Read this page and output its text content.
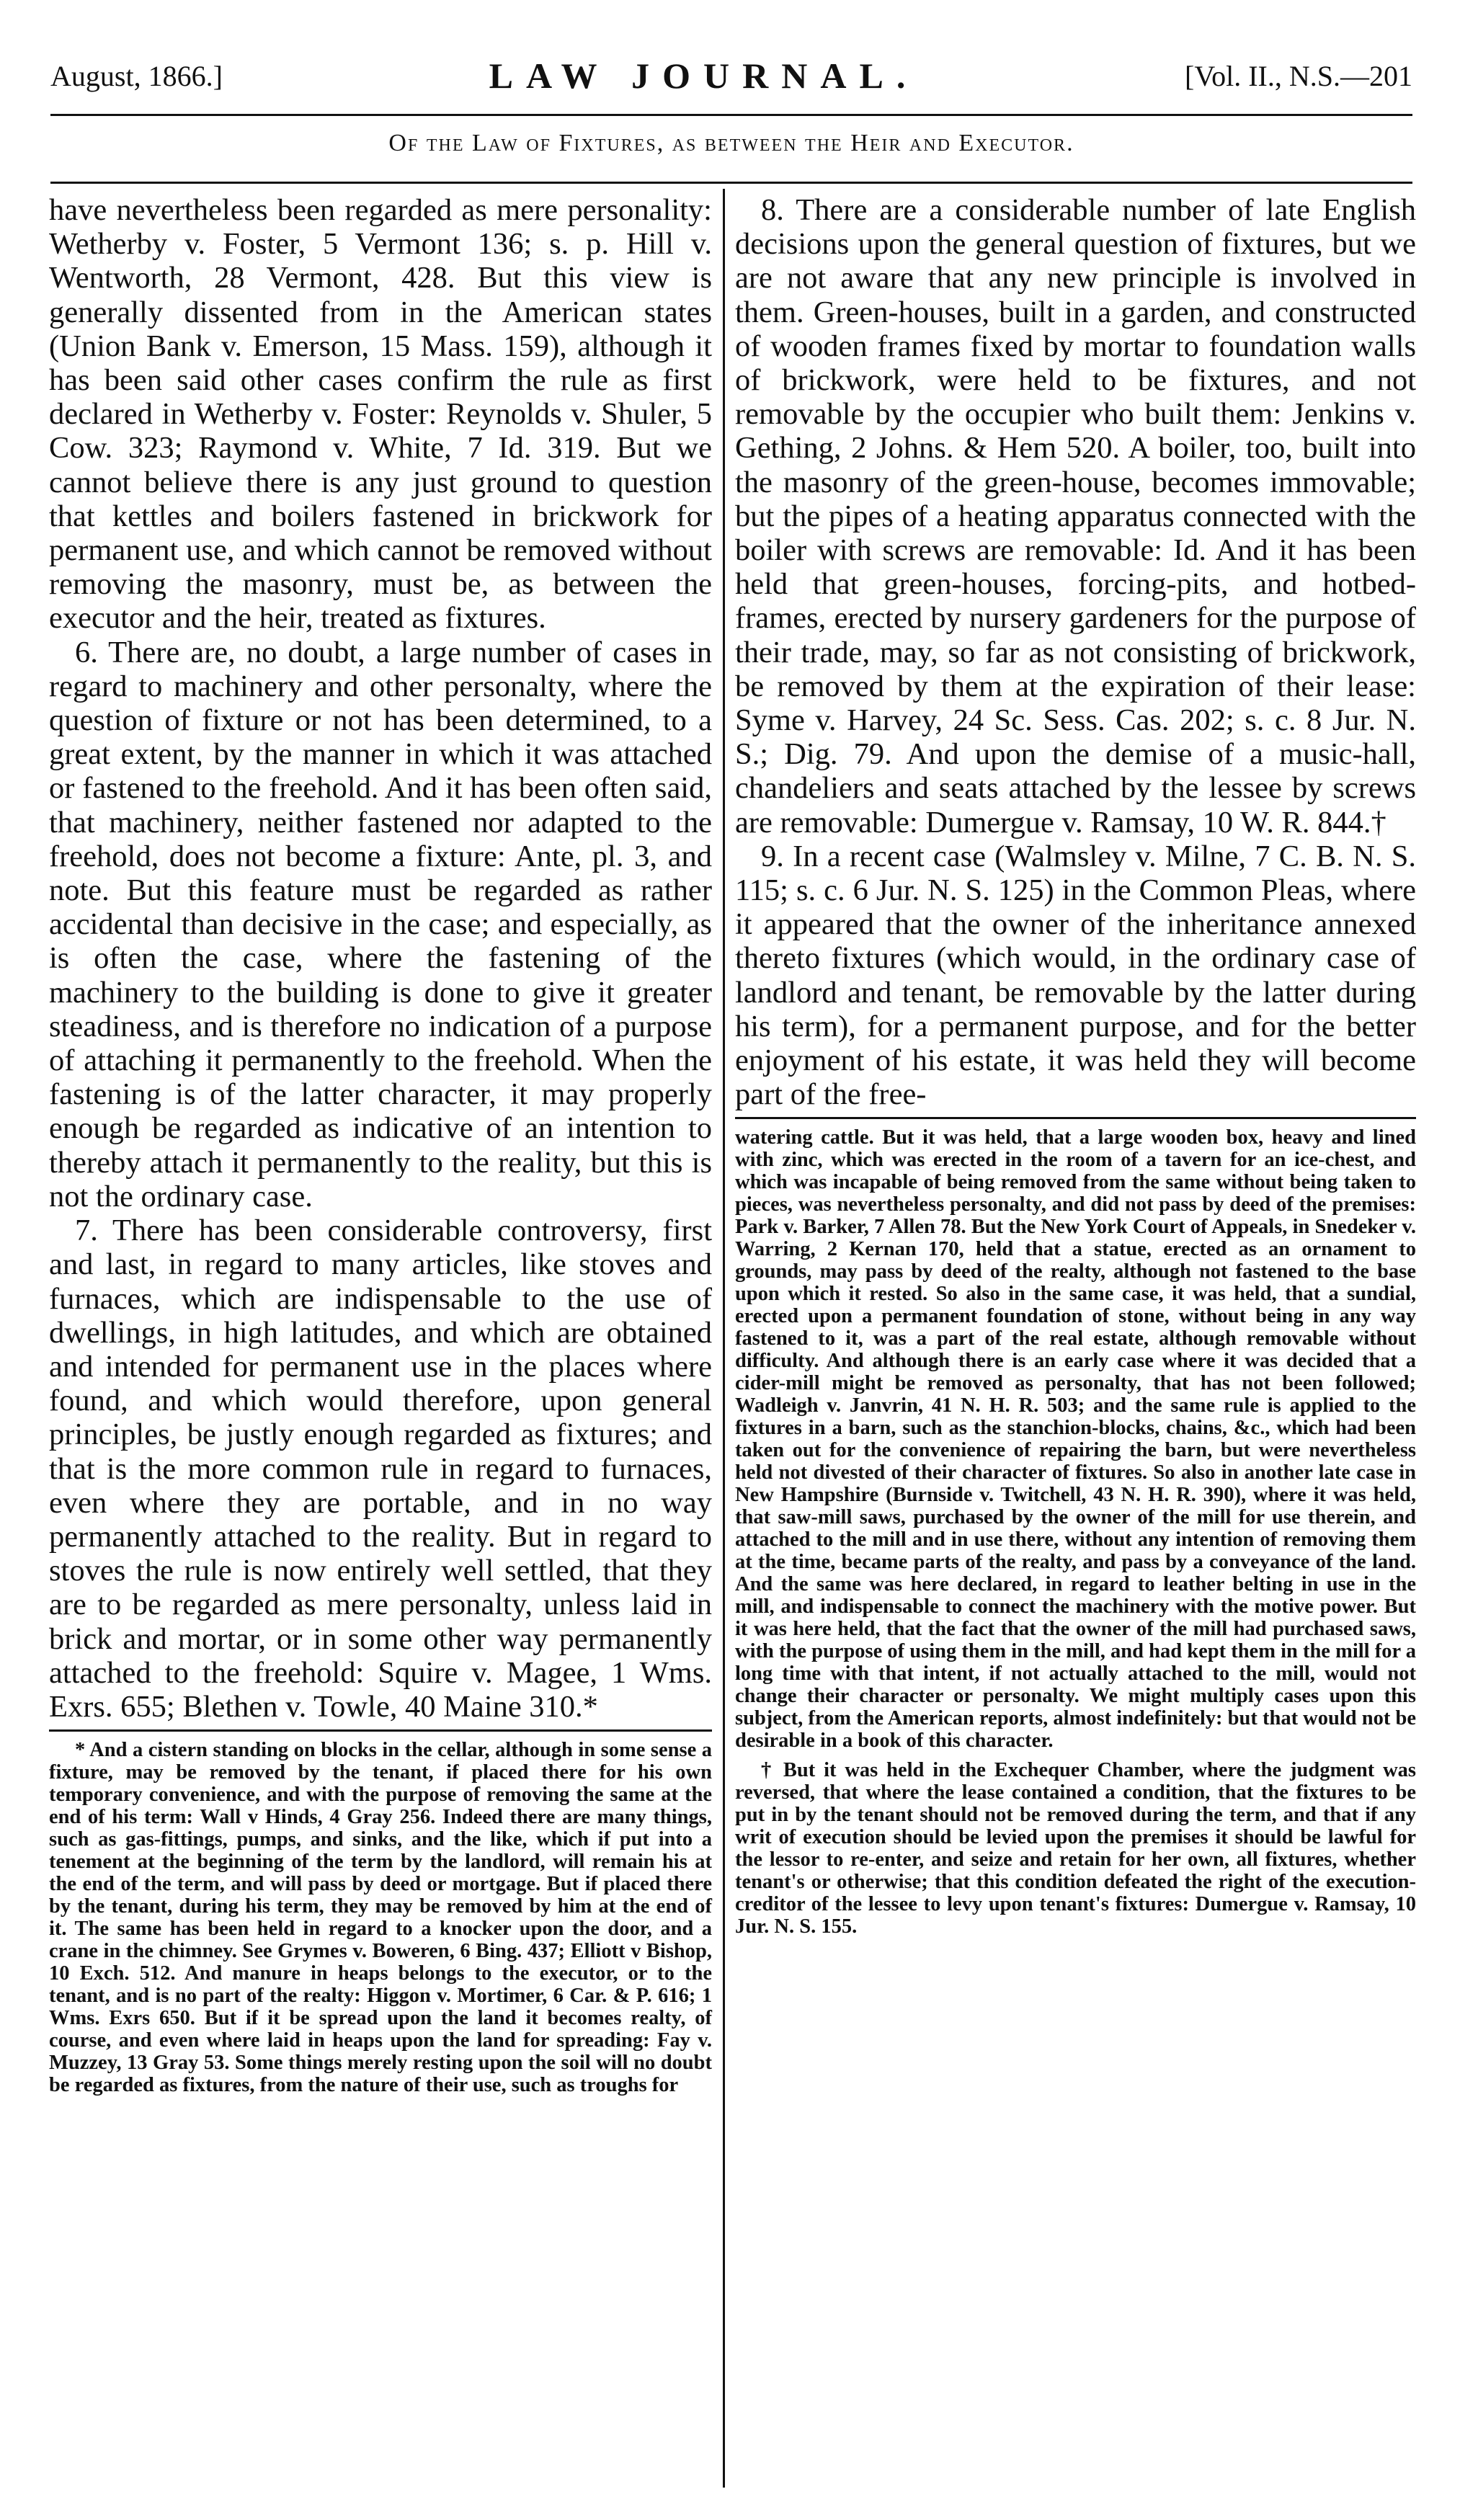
August, 1866.]	LAW JOURNAL.	[Vol. II., N.S.—201
Of the Law of Fixtures, as between the Heir and Executor.

have nevertheless been regarded as mere personality: Wetherby v. Foster, 5 Vermont 136; s. p. Hill v. Wentworth, 28 Vermont, 428. But this view is generally dissented from in the American states (Union Bank v. Emerson, 15 Mass. 159), although it has been said other cases confirm the rule as first declared in Wetherby v. Foster: Reynolds v. Shuler, 5 Cow. 323; Raymond v. White, 7 Id. 319. But we cannot believe there is any just ground to question that kettles and boilers fastened in brickwork for permanent use, and which cannot be removed without removing the masonry, must be, as between the executor and the heir, treated as fixtures.

6. There are, no doubt, a large number of cases in regard to machinery and other personalty, where the question of fixture or not has been determined, to a great extent, by the manner in which it was attached or fastened to the freehold. And it has been often said, that machinery, neither fastened nor adapted to the freehold, does not become a fixture: Ante, pl. 3, and note. But this feature must be regarded as rather accidental than decisive in the case; and especially, as is often the case, where the fastening of the machinery to the building is done to give it greater steadiness, and is therefore no indication of a purpose of attaching it permanently to the freehold. When the fastening is of the latter character, it may properly enough be regarded as indicative of an intention to thereby attach it permanently to the reality, but this is not the ordinary case.

7. There has been considerable controversy, first and last, in regard to many articles, like stoves and furnaces, which are indispensable to the use of dwellings, in high latitudes, and which are obtained and intended for permanent use in the places where found, and which would therefore, upon general principles, be justly enough regarded as fixtures; and that is the more common rule in regard to furnaces, even where they are portable, and in no way permanently attached to the reality. But in regard to stoves the rule is now entirely well settled, that they are to be regarded as mere personalty, unless laid in brick and mortar, or in some other way permanently attached to the freehold: Squire v. Magee, 1 Wms. Exrs. 655; Blethen v. Towle, 40 Maine 310.*

* And a cistern standing on blocks in the cellar, although in some sense a fixture, may be removed by the tenant, if placed there for his own temporary convenience, and with the purpose of removing the same at the end of his term: Wall v Hinds, 4 Gray 256. Indeed there are many things, such as gas-fittings, pumps, and sinks, and the like, which if put into a tenement at the beginning of the term by the landlord, will remain his at the end of the term, and will pass by deed or mortgage. But if placed there by the tenant, during his term, they may be removed by him at the end of it. The same has been held in regard to a knocker upon the door, and a crane in the chimney. See Grymes v. Boweren, 6 Bing. 437; Elliott v Bishop, 10 Exch. 512. And manure in heaps belongs to the executor, or to the tenant, and is no part of the realty: Higgon v. Mortimer, 6 Car. & P. 616; 1 Wms. Exrs 650. But if it be spread upon the land it becomes realty, of course, and even where laid in heaps upon the land for spreading: Fay v. Muzzey, 13 Gray 53. Some things merely resting upon the soil will no doubt be regarded as fixtures, from the nature of their use, such as troughs for

8. There are a considerable number of late English decisions upon the general question of fixtures, but we are not aware that any new principle is involved in them. Green-houses, built in a garden, and constructed of wooden frames fixed by mortar to foundation walls of brickwork, were held to be fixtures, and not removable by the occupier who built them: Jenkins v. Gething, 2 Johns. & Hem 520. A boiler, too, built into the masonry of the green-house, becomes immovable; but the pipes of a heating apparatus connected with the boiler with screws are removable: Id. And it has been held that green-houses, forcing-pits, and hotbed-frames, erected by nursery gardeners for the purpose of their trade, may, so far as not consisting of brickwork, be removed by them at the expiration of their lease: Syme v. Harvey, 24 Sc. Sess. Cas. 202; s. c. 8 Jur. N. S.; Dig. 79. And upon the demise of a music-hall, chandeliers and seats attached by the lessee by screws are removable: Dumergue v. Ramsay, 10 W. R. 844.†

9. In a recent case (Walmsley v. Milne, 7 C. B. N. S. 115; s. c. 6 Jur. N. S. 125) in the Common Pleas, where it appeared that the owner of the inheritance annexed thereto fixtures (which would, in the ordinary case of landlord and tenant, be removable by the latter during his term), for a permanent purpose, and for the better enjoyment of his estate, it was held they will become part of the free-

watering cattle. But it was held, that a large wooden box, heavy and lined with zinc, which was erected in the room of a tavern for an ice-chest, and which was incapable of being removed from the same without being taken to pieces, was nevertheless personalty, and did not pass by deed of the premises: Park v. Barker, 7 Allen 78. But the New York Court of Appeals, in Snedeker v. Warring, 2 Kernan 170, held that a statue, erected as an ornament to grounds, may pass by deed of the realty, although not fastened to the base upon which it rested. So also in the same case, it was held, that a sundial, erected upon a permanent foundation of stone, without being in any way fastened to it, was a part of the real estate, although removable without difficulty. And although there is an early case where it was decided that a cider-mill might be removed as personalty, that has not been followed; Wadleigh v. Janvrin, 41 N. H. R. 503; and the same rule is applied to the fixtures in a barn, such as the stanchion-blocks, chains, &c., which had been taken out for the convenience of repairing the barn, but were nevertheless held not divested of their character of fixtures. So also in another late case in New Hampshire (Burnside v. Twitchell, 43 N. H. R. 390), where it was held, that saw-mill saws, purchased by the owner of the mill for use therein, and attached to the mill and in use there, without any intention of removing them at the time, became parts of the realty, and pass by a conveyance of the land. And the same was here declared, in regard to leather belting in use in the mill, and indispensable to connect the machinery with the motive power. But it was here held, that the fact that the owner of the mill had purchased saws, with the purpose of using them in the mill, and had kept them in the mill for a long time with that intent, if not actually attached to the mill, would not change their character or personalty. We might multiply cases upon this subject, from the American reports, almost indefinitely: but that would not be desirable in a book of this character.

† But it was held in the Exchequer Chamber, where the judgment was reversed, that where the lease contained a condition, that the fixtures to be put in by the tenant should not be removed during the term, and that if any writ of execution should be levied upon the premises it should be lawful for the lessor to re-enter, and seize and retain for her own, all fixtures, whether tenant's or otherwise; that this condition defeated the right of the execution-creditor of the lessee to levy upon tenant's fixtures: Dumergue v. Ramsay, 10 Jur. N. S. 155.
